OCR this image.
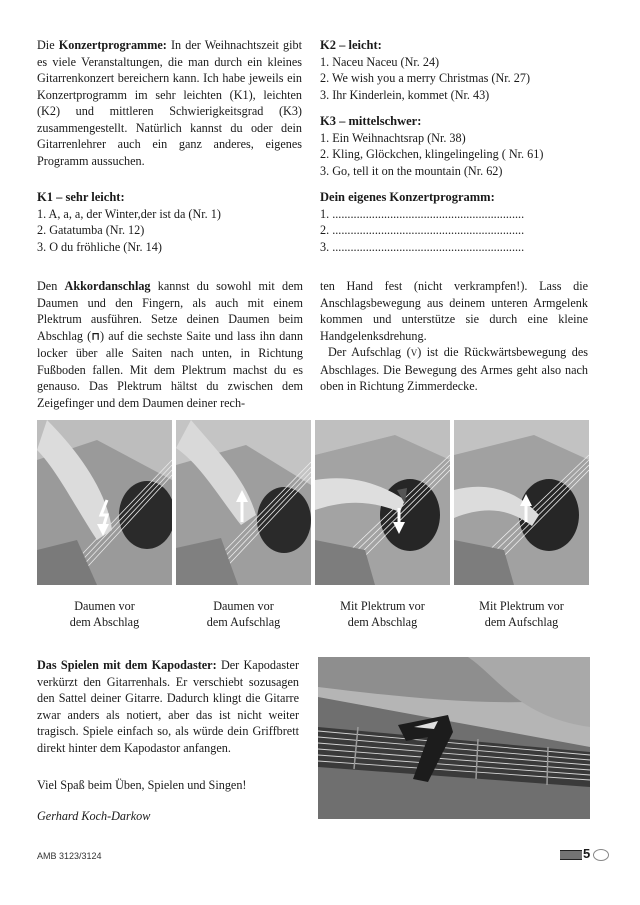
Die Konzertprogramme: In der Weihnachtszeit gibt es viele Veranstaltungen, die man durch ein kleines Gitarrenkonzert bereichern kann. Ich habe jeweils ein Konzertprogramm im sehr leichten (K1), leichten (K2) und mittleren Schwierigkeitsgrad (K3) zusammengestellt. Natürlich kannst du oder dein Gitarrenlehrer auch ein ganz anderes, eigenes Programm aussuchen.
K1 – sehr leicht:
1. A, a, a, der Winter,der ist da (Nr. 1)
2. Gatatumba (Nr. 12)
3. O du fröhliche (Nr. 14)
K2 – leicht:
1. Naceu Naceu (Nr. 24)
2. We wish you a merry Christmas (Nr. 27)
3. Ihr Kinderlein, kommet (Nr. 43)
K3 – mittelschwer:
1. Ein Weihnachtsrap (Nr. 38)
2. Kling, Glöckchen, klingelingeling ( Nr. 61)
3. Go, tell it on the mountain (Nr. 62)
Dein eigenes Konzertprogramm:
1. ...............................................................
2. ...............................................................
3. ...............................................................
Den Akkordanschlag kannst du sowohl mit dem Daumen und den Fingern, als auch mit einem Plektrum ausführen. Setze deinen Daumen beim Abschlag (⊓) auf die sechste Saite und lass ihn dann locker über alle Saiten nach unten, in Richtung Fußboden fallen. Mit dem Plektrum machst du es genauso. Das Plektrum hältst du zwischen dem Zeigefinger und dem Daumen deiner rech-
ten Hand fest (nicht verkrampfen!). Lass die Anschlagsbewegung aus deinem unteren Armgelenk kommen und unterstütze sie durch eine kleine Handgelenksdrehung.
Der Aufschlag (V) ist die Rückwärtsbewegung des Abschlages. Die Bewegung des Armes geht also nach oben in Richtung Zimmerdecke.
Daumen vor
dem Abschlag
Daumen vor
dem Aufschlag
Mit Plektrum vor
dem Abschlag
Mit Plektrum vor
dem Aufschlag
Das Spielen mit dem Kapodaster: Der Kapodaster verkürzt den Gitarrenhals. Er verschiebt sozusagen den Sattel deiner Gitarre. Dadurch klingt die Gitarre zwar anders als notiert, aber das ist nicht weiter tragisch. Spiele einfach so, als würde dein Griffbrett direkt hinter dem Kapodastor anfangen.
Viel Spaß beim Üben, Spielen und Singen!
Gerhard Koch-Darkow
AMB 3123/3124	5
